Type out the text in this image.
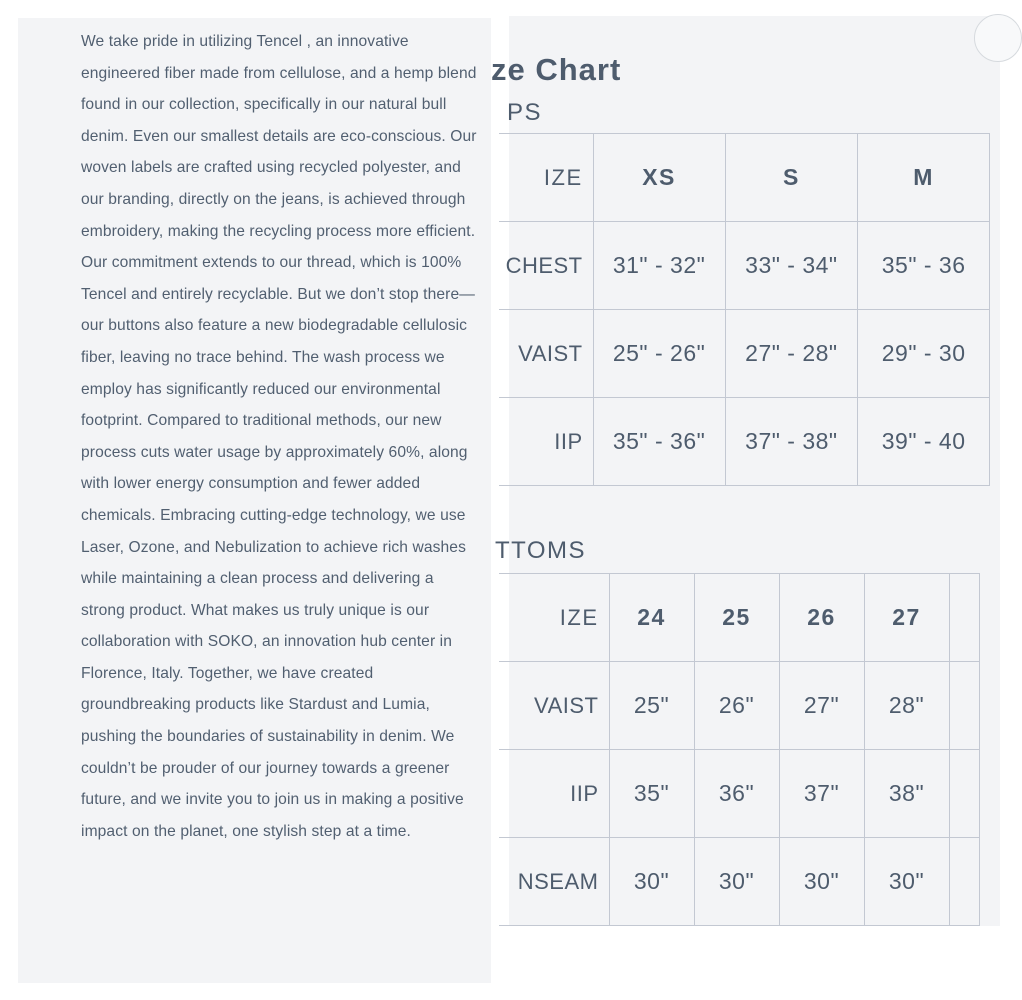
We take pride in utilizing Tencel , an innovative engineered fiber made from cellulose, and a hemp blend found in our collection, specifically in our natural bull denim. Even our smallest details are eco-conscious. Our woven labels are crafted using recycled polyester, and our branding, directly on the jeans, is achieved through embroidery, making the recycling process more efficient. Our commitment extends to our thread, which is 100% Tencel and entirely recyclable. But we don’t stop there—our buttons also feature a new biodegradable cellulosic fiber, leaving no trace behind. The wash process we employ has significantly reduced our environmental footprint. Compared to traditional methods, our new process cuts water usage by approximately 60%, along with lower energy consumption and fewer added chemicals. Embracing cutting-edge technology, we use Laser, Ozone, and Nebulization to achieve rich washes while maintaining a clean process and delivering a strong product. What makes us truly unique is our collaboration with SOKO, an innovation hub center in Florence, Italy. Together, we have created groundbreaking products like Stardust and Lumia, pushing the boundaries of sustainability in denim. We couldn’t be prouder of our journey towards a greener future, and we invite you to join us in making a positive impact on the planet, one stylish step at a time.
ze Chart
PS
IZE	XS	S	M
CHEST	31" - 32"	33" - 34"	35" - 36
VAIST	25" - 26"	27" - 28"	29" - 30
IIP	35" - 36"	37" - 38"	39" - 40
TTOMS
IZE	24	25	26	27	
VAIST	25"	26"	27"	28"	
IIP	35"	36"	37"	38"	
NSEAM	30"	30"	30"	30"	
